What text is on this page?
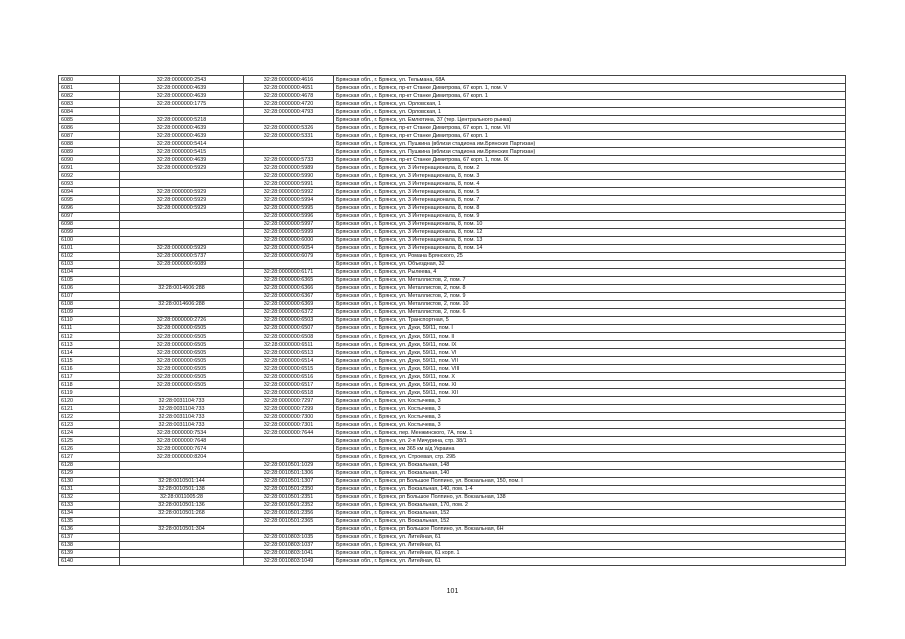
6080	32:28:0000000:2543	32:28:0000000:4616	Брянская обл., г. Брянск, ул. Тельмана, 68А
6081	32:28:0000000:4639	32:28:0000000:4651	Брянская обл., г. Брянск, пр-кт Станке Димитрова, 67 корп. 1, пом. V
6082	32:28:0000000:4639	32:28:0000000:4678	Брянская обл., г. Брянск, пр-кт Станке Димитрова, 67 корп. 1
6083	32:28:0000000:1775	32:28:0000000:4720	Брянская обл., г. Брянск, ул. Орловская, 1
6084		32:28:0000000:4793	Брянская обл., г. Брянск, ул. Орловская, 1
6085	32:28:0000000:5218		Брянская обл., г. Брянск, ул. Емлютина, 37 (тер. Центрального рынка)
6086	32:28:0000000:4639	32:28:0000000:5326	Брянская обл., г. Брянск, пр-кт Станке Димитрова, 67 корп. 1, пом. VII
6087	32:28:0000000:4639	32:28:0000000:5331	Брянская обл., г. Брянск, пр-кт Станке Димитрова, 67 корп. 1
6088	32:28:0000000:5414		Брянская обл., г. Брянск, ул. Пушкина (вблизи стадиона им.Брянских Партизан)
6089	32:28:0000000:5415		Брянская обл., г. Брянск, ул. Пушкина (вблизи стадиона им.Брянских Партизан)
6090	32:28:0000000:4639	32:28:0000000:5733	Брянская обл., г. Брянск, пр-кт Станке Димитрова, 67 корп. 1, пом. IX
6091	32:28:0000000:5929	32:28:0000000:5989	Брянская обл., г. Брянск, ул. 3 Интернационала, 8, пом. 2
6092		32:28:0000000:5990	Брянская обл., г. Брянск, ул. 3 Интернационала, 8, пом. 3
6093		32:28:0000000:5991	Брянская обл., г. Брянск, ул. 3 Интернационала, 8, пом. 4
6094	32:28:0000000:5929	32:28:0000000:5992	Брянская обл., г. Брянск, ул. 3 Интернационала, 8, пом. 5
6095	32:28:0000000:5929	32:28:0000000:5994	Брянская обл., г. Брянск, ул. 3 Интернационала, 8, пом. 7
6096	32:28:0000000:5929	32:28:0000000:5995	Брянская обл., г. Брянск, ул. 3 Интернационала, 8, пом. 8
6097		32:28:0000000:5996	Брянская обл., г. Брянск, ул. 3 Интернационала, 8, пом. 9
6098		32:28:0000000:5997	Брянская обл., г. Брянск, ул. 3 Интернационала, 8, пом. 10
6099		32:28:0000000:5999	Брянская обл., г. Брянск, ул. 3 Интернационала, 8, пом. 12
6100		32:28:0000000:6000	Брянская обл., г. Брянск, ул. 3 Интернационала, 8, пом. 13
6101	32:28:0000000:5929	32:28:0000000:6054	Брянская обл., г. Брянск, ул. 3 Интернационала, 8, пом. 14
6102	32:28:0000000:5737	32:28:0000000:6079	Брянская обл., г. Брянск, ул. Романа Брянского, 25
6103	32:28:0000000:6089		Брянская обл., г. Брянск, ул. Объездная, 32
6104		32:28:0000000:6171	Брянская обл., г. Брянск, ул. Рылеева, 4
6105		32:28:0000000:6365	Брянская обл., г. Брянск, ул. Металлистов, 2, пом. 7
6106	32:28:0014606:288	32:28:0000000:6366	Брянская обл., г. Брянск, ул. Металлистов, 2, пом. 8
6107		32:28:0000000:6367	Брянская обл., г. Брянск, ул. Металлистов, 2, пом. 9
6108	32:28:0014606:288	32:28:0000000:6369	Брянская обл., г. Брянск, ул. Металлистов, 2, пом. 10
6109		32:28:0000000:6372	Брянская обл., г. Брянск, ул. Металлистов, 2, пом. 6
6110	32:28:0000000:2726	32:28:0000000:6503	Брянская обл., г. Брянск, ул. Транспортная, 5
6111	32:28:0000000:6505	32:28:0000000:6507	Брянская обл., г. Брянск, ул. Дуки, 59/11, пом. I
6112	32:28:0000000:6505	32:28:0000000:6508	Брянская обл., г. Брянск, ул. Дуки, 59/11, пом. II
6113	32:28:0000000:6505	32:28:0000000:6511	Брянская обл., г. Брянск, ул. Дуки, 59/11, пом. IX
6114	32:28:0000000:6505	32:28:0000000:6513	Брянская обл., г. Брянск, ул. Дуки, 59/11, пом. VI
6115	32:28:0000000:6505	32:28:0000000:6514	Брянская обл., г. Брянск, ул. Дуки, 59/11, пом. VII
6116	32:28:0000000:6505	32:28:0000000:6515	Брянская обл., г. Брянск, ул. Дуки, 59/11, пом. VIII
6117	32:28:0000000:6505	32:28:0000000:6516	Брянская обл., г. Брянск, ул. Дуки, 59/11, пом. X
6118	32:28:0000000:6505	32:28:0000000:6517	Брянская обл., г. Брянск, ул. Дуки, 59/11, пом. XI
6119		32:28:0000000:6518	Брянская обл., г. Брянск, ул. Дуки, 59/11, пом. XII
6120	32:28:0031104:733	32:28:0000000:7297	Брянская обл., г. Брянск, ул. Костычева, 3
6121	32:28:0031104:733	32:28:0000000:7299	Брянская обл., г. Брянск, ул. Костычева, 3
6122	32:28:0031104:733	32:28:0000000:7300	Брянская обл., г. Брянск, ул. Костычева, 3
6123	32:28:0031104:733	32:28:0000000:7301	Брянская обл., г. Брянск, ул. Костычева, 3
6124	32:28:0000000:7534	32:28:0000000:7644	Брянская обл., г. Брянск, пер. Менжинского, 7А, пом. 1
6125	32:28:0000000:7648		Брянская обл., г. Брянск, ул. 2-я Мичурина, стр. 38/1
6126	32:28:0000000:7674		Брянская обл., г. Брянск, км 365 км а/д Украина
6127	32:28:0000000:8204		Брянская обл., г. Брянск, ул. Строевая, стр. 29Б
6128		32:28:0010501:1029	Брянская обл., г. Брянск, ул. Вокзальная, 148
6129		32:28:0010501:1306	Брянская обл., г. Брянск, ул. Вокзальная, 140
6130	32:28:0010501:144	32:28:0010501:1307	Брянская обл., г. Брянск, рп Большое Полпино, ул. Вокзальная, 150, пом. I
6131	32:28:0010501:138	32:28:0010501:2350	Брянская обл., г. Брянск, ул. Вокзальная, 140, пом. 1-4
6132	32:28:0011005:28	32:28:0010501:2351	Брянская обл., г. Брянск, рп Большое Полпино, ул. Вокзальная, 138
6133	32:28:0010501:136	32:28:0010501:2352	Брянская обл., г. Брянск, ул. Вокзальная, 170, пом. 2
6134	32:28:0010501:268	32:28:0010501:2356	Брянская обл., г. Брянск, ул. Вокзальная, 152
6135		32:28:0010501:2365	Брянская обл., г. Брянск, ул. Вокзальная, 152
6136	32:28:0010501:304		Брянская обл., г. Брянск, рп Большое Полпино, ул. Вокзальная, 6Н
6137		32:28:0010803:1035	Брянская обл., г. Брянск, ул. Литейная, 61
6138		32:28:0010803:1037	Брянская обл., г. Брянск, ул. Литейная, 61
6139		32:28:0010803:1041	Брянская обл., г. Брянск, ул. Литейная, 61 корп. 1
6140		32:28:0010803:1049	Брянская обл., г. Брянск, ул. Литейная, 61
101
